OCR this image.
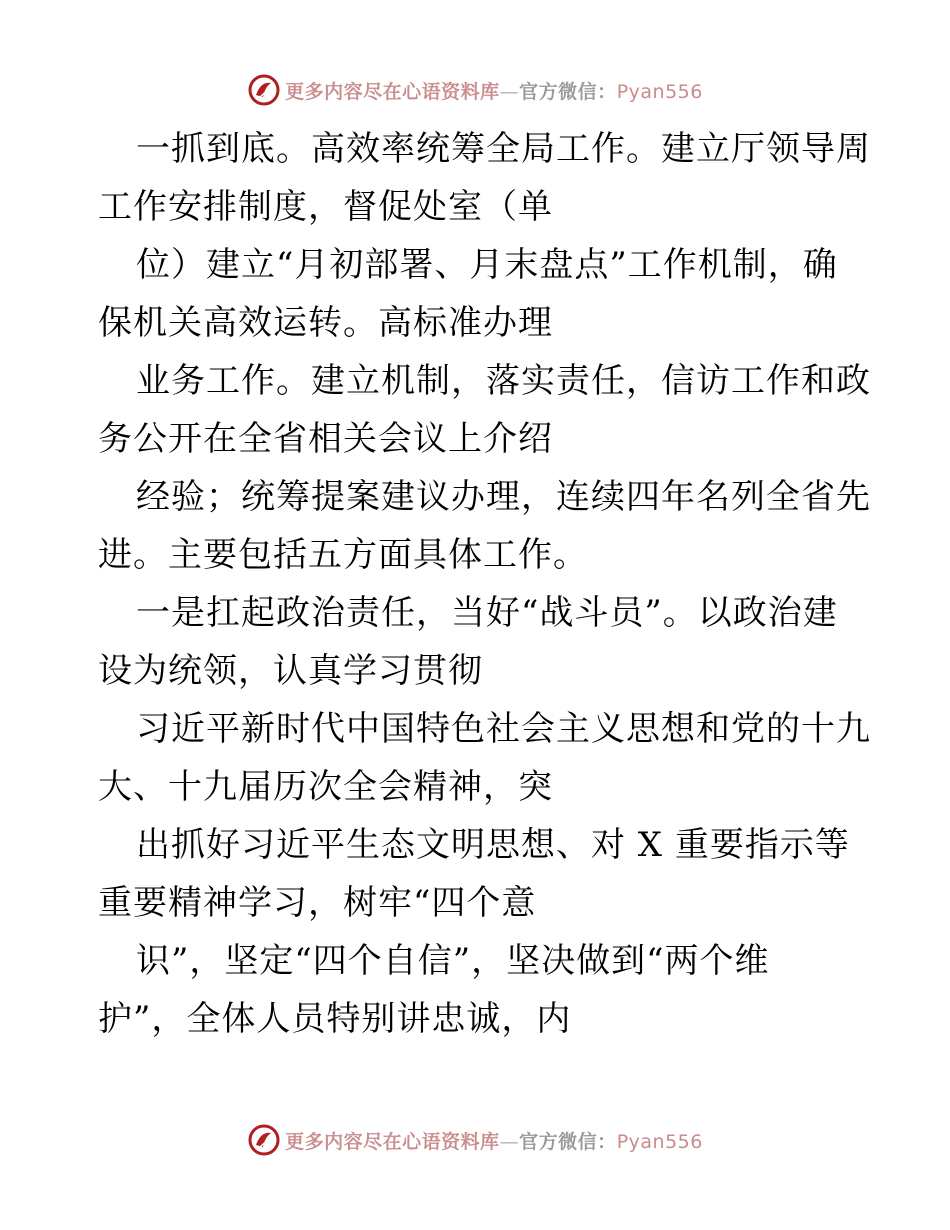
更多内容尽在心语资料库—官方微信：Pyan556
一抓到底。高效率统筹全局工作。建立厅领导周
工作安排制度，督促处室（单
位）建立“月初部署、月末盘点”工作机制，确
保机关高效运转。高标准办理
业务工作。建立机制，落实责任，信访工作和政
务公开在全省相关会议上介绍
经验；统筹提案建议办理，连续四年名列全省先
进。主要包括五方面具体工作。
一是扛起政治责任，当好“战斗员”。以政治建
设为统领，认真学习贯彻
习近平新时代中国特色社会主义思想和党的十九
大、十九届历次全会精神，突
出抓好习近平生态文明思想、对 X 重要指示等
重要精神学习，树牢“四个意
识”，坚定“四个自信”，坚决做到“两个维
护”，全体人员特别讲忠诚，内
更多内容尽在心语资料库—官方微信：Pyan556
